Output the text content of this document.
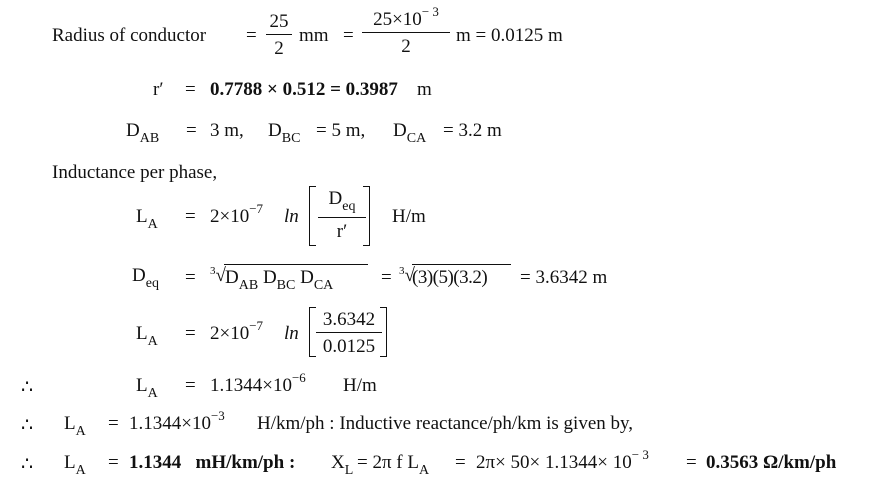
Radius of conductor =
25
2
mm =
$25\times 10^{- 3}$
2
m = 0.0125 m
r′ = 0.7788 × 0.512 = 0.3987 m
$D_{AB} = 3$ m, $D_{BC} = 5$ m, $D_{CA} = 3.2$ m
Inductance per phase,
$L_A = 2\times 10^{-7}$ ln
$D_{eq}$
r′
H/m
$D_{eq} = ^3√$ $D_{AB}$ $D_{BC}$ $D_{CA}$	= $^3$√
(3)(5)(3.2) = 3.6342 m
$L_A = 2\times 10^{-7}$ ln
3.6342
0.0125
∴	$L_A = 1.1344\times 10^{-6}$ H/m
∴ $L_A = 1.1344\times 10^{-3}$ H/km/ph : Inductive reactance/ph/km is given by,
∴ $L_A = 1.1344$   mH/km/ph : $X_L = 2\pi$ f $L_A = 2\pi\times 50\times 1.1344\times 10^{- 3} = 0.3563$ Ω/km/ph
